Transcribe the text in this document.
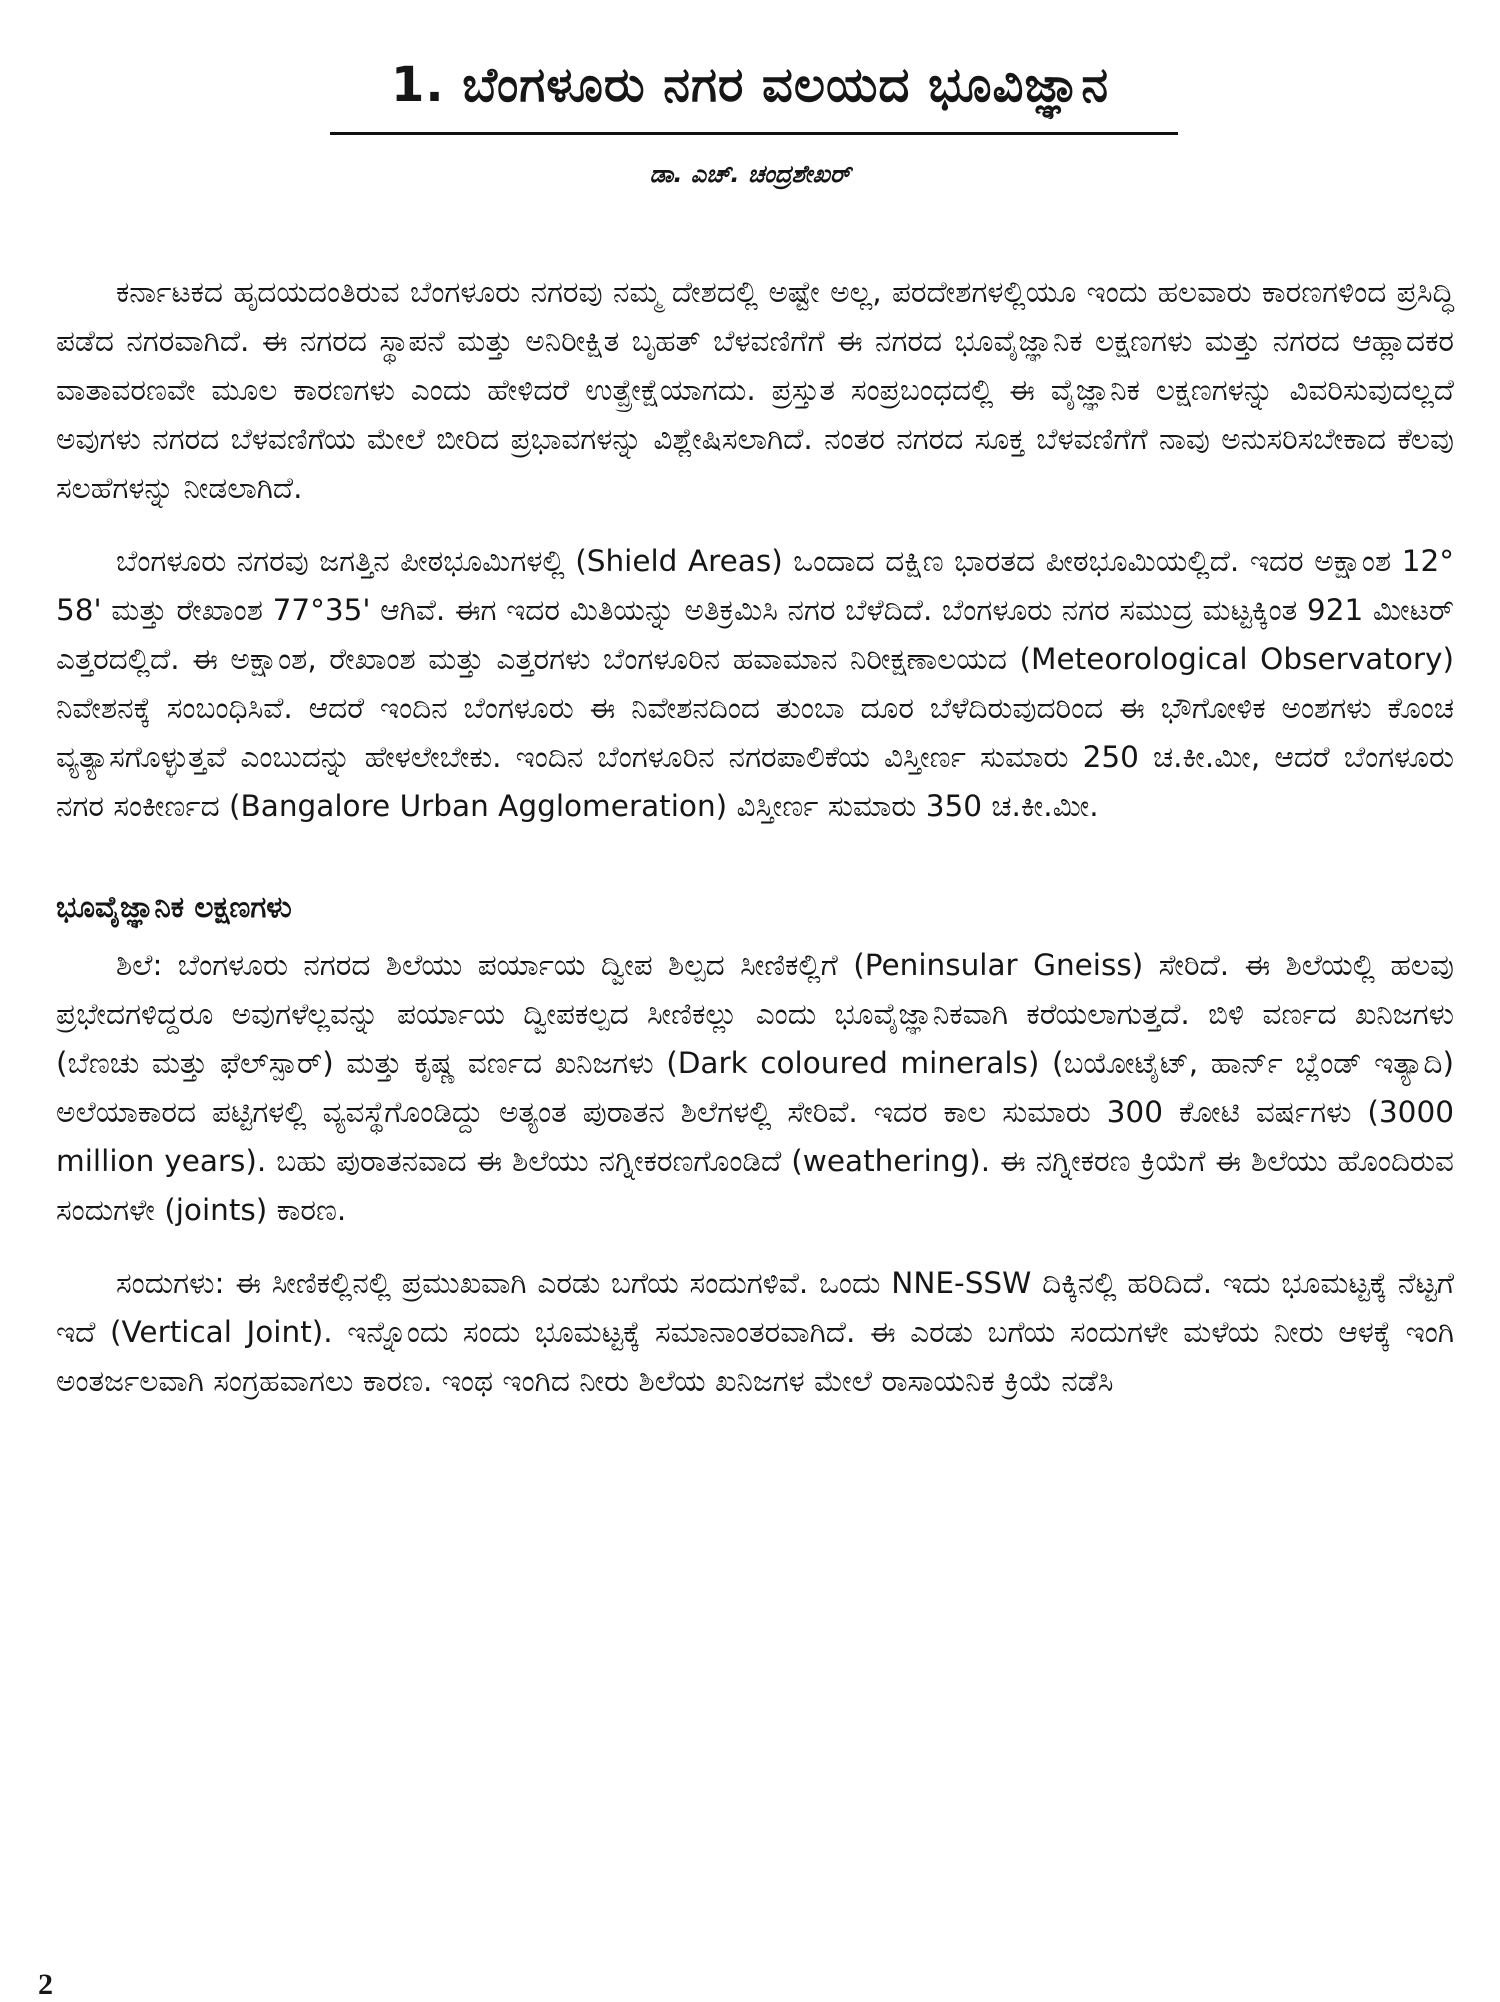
1. ಬೆಂಗಳೂರು ನಗರ ವಲಯದ ಭೂವಿಜ್ಞಾನ
ಡಾ. ಎಚ್. ಚಂದ್ರಶೇಖರ್

ಕರ್ನಾಟಕದ ಹೃದಯದಂತಿರುವ ಬೆಂಗಳೂರು ನಗರವು ನಮ್ಮ ದೇಶದಲ್ಲಿ ಅಷ್ಟೇ ಅಲ್ಲ, ಪರದೇಶಗಳಲ್ಲಿಯೂ ಇಂದು ಹಲವಾರು ಕಾರಣಗಳಿಂದ ಪ್ರಸಿದ್ಧಿ ಪಡೆದ ನಗರವಾಗಿದೆ. ಈ ನಗರದ ಸ್ಥಾಪನೆ ಮತ್ತು ಅನಿರೀಕ್ಷಿತ ಬೃಹತ್ ಬೆಳವಣಿಗೆಗೆ ಈ ನಗರದ ಭೂವೈಜ್ಞಾನಿಕ ಲಕ್ಷಣಗಳು ಮತ್ತು ನಗರದ ಆಹ್ಲಾದಕರ ವಾತಾವರಣವೇ ಮೂಲ ಕಾರಣಗಳು ಎಂದು ಹೇಳಿದರೆ ಉತ್ಪ್ರೇಕ್ಷೆಯಾಗದು. ಪ್ರಸ್ತುತ ಸಂಪ್ರಬಂಧದಲ್ಲಿ ಈ ವೈಜ್ಞಾನಿಕ ಲಕ್ಷಣಗಳನ್ನು ವಿವರಿಸುವುದಲ್ಲದೆ ಅವುಗಳು ನಗರದ ಬೆಳವಣಿಗೆಯ ಮೇಲೆ ಬೀರಿದ ಪ್ರಭಾವಗಳನ್ನು ವಿಶ್ಲೇಷಿಸಲಾಗಿದೆ. ನಂತರ ನಗರದ ಸೂಕ್ತ ಬೆಳವಣಿಗೆಗೆ ನಾವು ಅನುಸರಿಸಬೇಕಾದ ಕೆಲವು ಸಲಹೆಗಳನ್ನು ನೀಡಲಾಗಿದೆ.

ಬೆಂಗಳೂರು ನಗರವು ಜಗತ್ತಿನ ಪೀಠಭೂಮಿಗಳಲ್ಲಿ (Shield Areas) ಒಂದಾದ ದಕ್ಷಿಣ ಭಾರತದ ಪೀಠಭೂಮಿಯಲ್ಲಿದೆ. ಇದರ ಅಕ್ಷಾಂಶ 12° 58' ಮತ್ತು ರೇಖಾಂಶ 77°35' ಆಗಿವೆ. ಈಗ ಇದರ ಮಿತಿಯನ್ನು ಅತಿಕ್ರಮಿಸಿ ನಗರ ಬೆಳೆದಿದೆ. ಬೆಂಗಳೂರು ನಗರ ಸಮುದ್ರ ಮಟ್ಟಕ್ಕಿಂತ 921 ಮೀಟರ್ ಎತ್ತರದಲ್ಲಿದೆ. ಈ ಅಕ್ಷಾಂಶ, ರೇಖಾಂಶ ಮತ್ತು ಎತ್ತರಗಳು ಬೆಂಗಳೂರಿನ ಹವಾಮಾನ ನಿರೀಕ್ಷಣಾಲಯದ (Meteorological Observatory) ನಿವೇಶನಕ್ಕೆ ಸಂಬಂಧಿಸಿವೆ. ಆದರೆ ಇಂದಿನ ಬೆಂಗಳೂರು ಈ ನಿವೇಶನದಿಂದ ತುಂಬಾ ದೂರ ಬೆಳೆದಿರುವುದರಿಂದ ಈ ಭೌಗೋಳಿಕ ಅಂಶಗಳು ಕೊಂಚ ವ್ಯತ್ಯಾಸಗೊಳ್ಳುತ್ತವೆ ಎಂಬುದನ್ನು ಹೇಳಲೇಬೇಕು. ಇಂದಿನ ಬೆಂಗಳೂರಿನ ನಗರಪಾಲಿಕೆಯ ವಿಸ್ತೀರ್ಣ ಸುಮಾರು 250 ಚ.ಕೀ.ಮೀ, ಆದರೆ ಬೆಂಗಳೂರು ನಗರ ಸಂಕೀರ್ಣದ (Bangalore Urban Agglomeration) ವಿಸ್ತೀರ್ಣ ಸುಮಾರು 350 ಚ.ಕೀ.ಮೀ.

ಭೂವೈಜ್ಞಾನಿಕ ಲಕ್ಷಣಗಳು

ಶಿಲೆ: ಬೆಂಗಳೂರು ನಗರದ ಶಿಲೆಯು ಪರ್ಯಾಯ ದ್ವೀಪ ಶಿಲ್ಪದ ಸೀಣಿಕಲ್ಲಿಗೆ (Peninsular Gneiss) ಸೇರಿದೆ. ಈ ಶಿಲೆಯಲ್ಲಿ ಹಲವು ಪ್ರಭೇದಗಳಿದ್ದರೂ ಅವುಗಳೆಲ್ಲವನ್ನು ಪರ್ಯಾಯ ದ್ವೀಪಕಲ್ಪದ ಸೀಣಿಕಲ್ಲು ಎಂದು ಭೂವೈಜ್ಞಾನಿಕವಾಗಿ ಕರೆಯಲಾಗುತ್ತದೆ. ಬಿಳಿ ವರ್ಣದ ಖನಿಜಗಳು (ಬೆಣಚು ಮತ್ತು ಫೆಲ್‌ಸ್ಪಾರ್) ಮತ್ತು ಕೃಷ್ಣ ವರ್ಣದ ಖನಿಜಗಳು (Dark coloured minerals) (ಬಯೋಟೈಟ್, ಹಾರ್ನ್ ಬ್ಲೆಂಡ್ ಇತ್ಯಾದಿ) ಅಲೆಯಾಕಾರದ ಪಟ್ಟಿಗಳಲ್ಲಿ ವ್ಯವಸ್ಥೆಗೊಂಡಿದ್ದು ಅತ್ಯಂತ ಪುರಾತನ ಶಿಲೆಗಳಲ್ಲಿ ಸೇರಿವೆ. ಇದರ ಕಾಲ ಸುಮಾರು 300 ಕೋಟಿ ವರ್ಷಗಳು (3000 million years). ಬಹು ಪುರಾತನವಾದ ಈ ಶಿಲೆಯು ನಗ್ನೀಕರಣಗೊಂಡಿದೆ (weathering). ಈ ನಗ್ನೀಕರಣ ಕ್ರಿಯೆಗೆ ಈ ಶಿಲೆಯು ಹೊಂದಿರುವ ಸಂದುಗಳೇ (joints) ಕಾರಣ.

ಸಂದುಗಳು: ಈ ಸೀಣಿಕಲ್ಲಿನಲ್ಲಿ ಪ್ರಮುಖವಾಗಿ ಎರಡು ಬಗೆಯ ಸಂದುಗಳಿವೆ. ಒಂದು NNE-SSW ದಿಕ್ಕಿನಲ್ಲಿ ಹರಿದಿದೆ. ಇದು ಭೂಮಟ್ಟಕ್ಕೆ ನೆಟ್ಟಗೆ ಇದೆ (Vertical Joint). ಇನ್ನೊಂದು ಸಂದು ಭೂಮಟ್ಟಕ್ಕೆ ಸಮಾನಾಂತರವಾಗಿದೆ. ಈ ಎರಡು ಬಗೆಯ ಸಂದುಗಳೇ ಮಳೆಯ ನೀರು ಆಳಕ್ಕೆ ಇಂಗಿ ಅಂತರ್ಜಲವಾಗಿ ಸಂಗ್ರಹವಾಗಲು ಕಾರಣ. ಇಂಥ ಇಂಗಿದ ನೀರು ಶಿಲೆಯ ಖನಿಜಗಳ ಮೇಲೆ ರಾಸಾಯನಿಕ ಕ್ರಿಯೆ ನಡೆಸಿ

2
